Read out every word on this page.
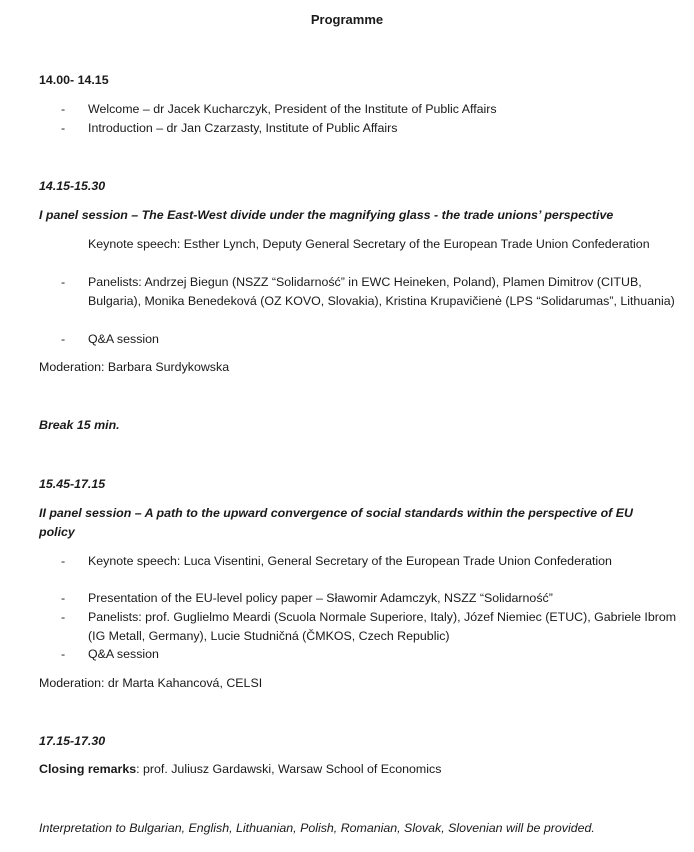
Programme
14.00- 14.15
-	Welcome – dr Jacek Kucharczyk, President of the Institute of Public Affairs
-	Introduction – dr Jan Czarzasty, Institute of Public Affairs
14.15-15.30
I panel session – The East-West divide under the magnifying glass - the trade unions’ perspective
Keynote speech: Esther Lynch, Deputy General Secretary of the European Trade Union Confederation
-	Panelists: Andrzej Biegun (NSZZ “Solidarność” in EWC Heineken, Poland), Plamen Dimitrov (CITUB, Bulgaria), Monika Benedeková (OZ KOVO, Slovakia), Kristina Krupavičienė (LPS “Solidarumas”, Lithuania)
-	Q&A session
Moderation: Barbara Surdykowska
Break 15 min.
15.45-17.15
II panel session – A path to the upward convergence of social standards within the perspective of EU policy
-	Keynote speech: Luca Visentini, General Secretary of the European Trade Union Confederation
-	Presentation of the EU-level policy paper – Sławomir Adamczyk, NSZZ “Solidarność”
-	Panelists: prof. Guglielmo Meardi (Scuola Normale Superiore, Italy), Józef Niemiec (ETUC), Gabriele Ibrom (IG Metall, Germany), Lucie Studničná (ČMKOS, Czech Republic)
-	Q&A session
Moderation: dr Marta Kahancová, CELSI
17.15-17.30
Closing remarks: prof. Juliusz Gardawski, Warsaw School of Economics
Interpretation to Bulgarian, English, Lithuanian, Polish, Romanian, Slovak, Slovenian will be provided.
